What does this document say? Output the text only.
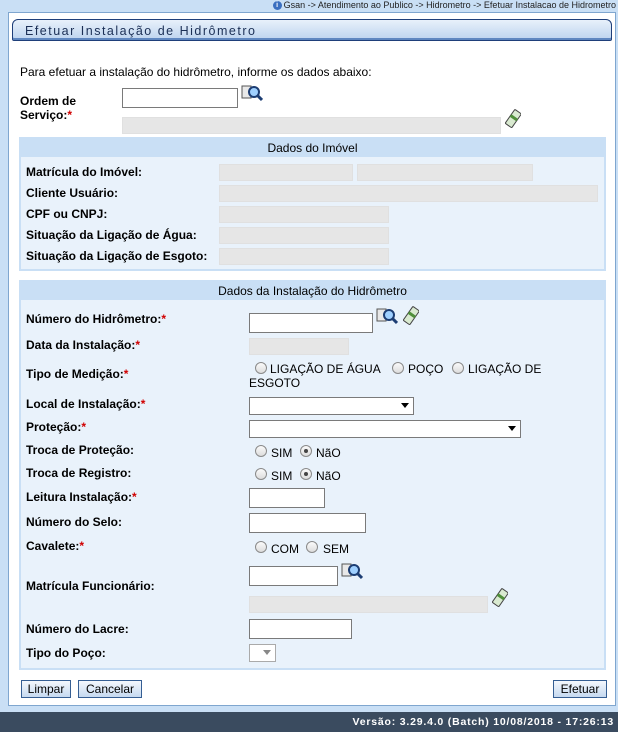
i Gsan -> Atendimento ao Publico -> Hidrometro -> Efetuar Instalacao de Hidrometro
Efetuar Instalação de Hidrômetro
Para efetuar a instalação do hidrômetro, informe os dados abaixo:
Ordem de
Serviço:*
Dados do Imóvel
Matrícula do Imóvel:
Cliente Usuário:
CPF ou CNPJ:
Situação da Ligação de Água:
Situação da Ligação de Esgoto:
Dados da Instalação do Hidrômetro
Número do Hidrômetro:*
Data da Instalação:*
Tipo de Medição:*	LIGAÇÃO DE ÁGUA POÇO LIGAÇÃO DE
ESGOTO
Local de Instalação:*
Proteção:*
Troca de Proteção:	SIM NãO
Troca de Registro:	SIM NãO
Leitura Instalação:*
Número do Selo:
Cavalete:*	COM SEM
Matrícula Funcionário:
Número do Lacre:
Tipo do Poço:
Limpar	Cancelar	Efetuar
Versão: 3.29.4.0 (Batch) 10/08/2018 - 17:26:13
